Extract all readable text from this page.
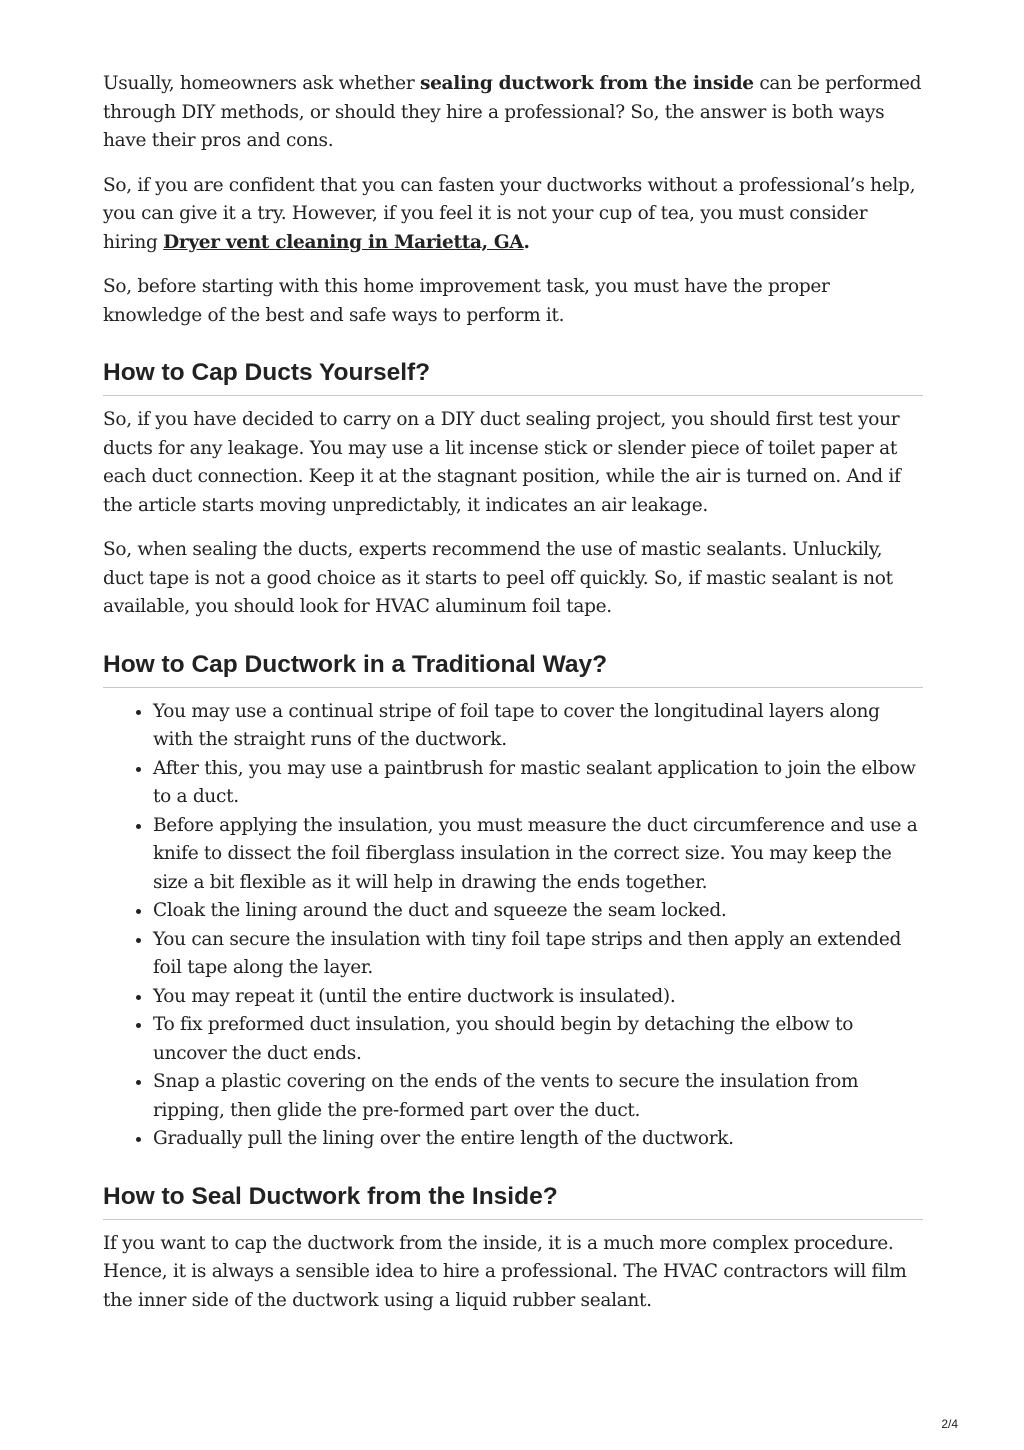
Usually, homeowners ask whether sealing ductwork from the inside can be performed through DIY methods, or should they hire a professional? So, the answer is both ways have their pros and cons.

So, if you are confident that you can fasten your ductworks without a professional’s help, you can give it a try. However, if you feel it is not your cup of tea, you must consider hiring Dryer vent cleaning in Marietta, GA.

So, before starting with this home improvement task, you must have the proper knowledge of the best and safe ways to perform it.

How to Cap Ducts Yourself?

So, if you have decided to carry on a DIY duct sealing project, you should first test your ducts for any leakage. You may use a lit incense stick or slender piece of toilet paper at each duct connection. Keep it at the stagnant position, while the air is turned on. And if the article starts moving unpredictably, it indicates an air leakage.

So, when sealing the ducts, experts recommend the use of mastic sealants. Unluckily, duct tape is not a good choice as it starts to peel off quickly. So, if mastic sealant is not available, you should look for HVAC aluminum foil tape.

How to Cap Ductwork in a Traditional Way?
• You may use a continual stripe of foil tape to cover the longitudinal layers along with the straight runs of the ductwork.
• After this, you may use a paintbrush for mastic sealant application to join the elbow to a duct.
• Before applying the insulation, you must measure the duct circumference and use a knife to dissect the foil fiberglass insulation in the correct size. You may keep the size a bit flexible as it will help in drawing the ends together.
• Cloak the lining around the duct and squeeze the seam locked.
• You can secure the insulation with tiny foil tape strips and then apply an extended foil tape along the layer.
• You may repeat it (until the entire ductwork is insulated).
• To fix preformed duct insulation, you should begin by detaching the elbow to uncover the duct ends.
• Snap a plastic covering on the ends of the vents to secure the insulation from ripping, then glide the pre-formed part over the duct.
• Gradually pull the lining over the entire length of the ductwork.
How to Seal Ductwork from the Inside?

If you want to cap the ductwork from the inside, it is a much more complex procedure. Hence, it is always a sensible idea to hire a professional. The HVAC contractors will film the inner side of the ductwork using a liquid rubber sealant.

2/4
